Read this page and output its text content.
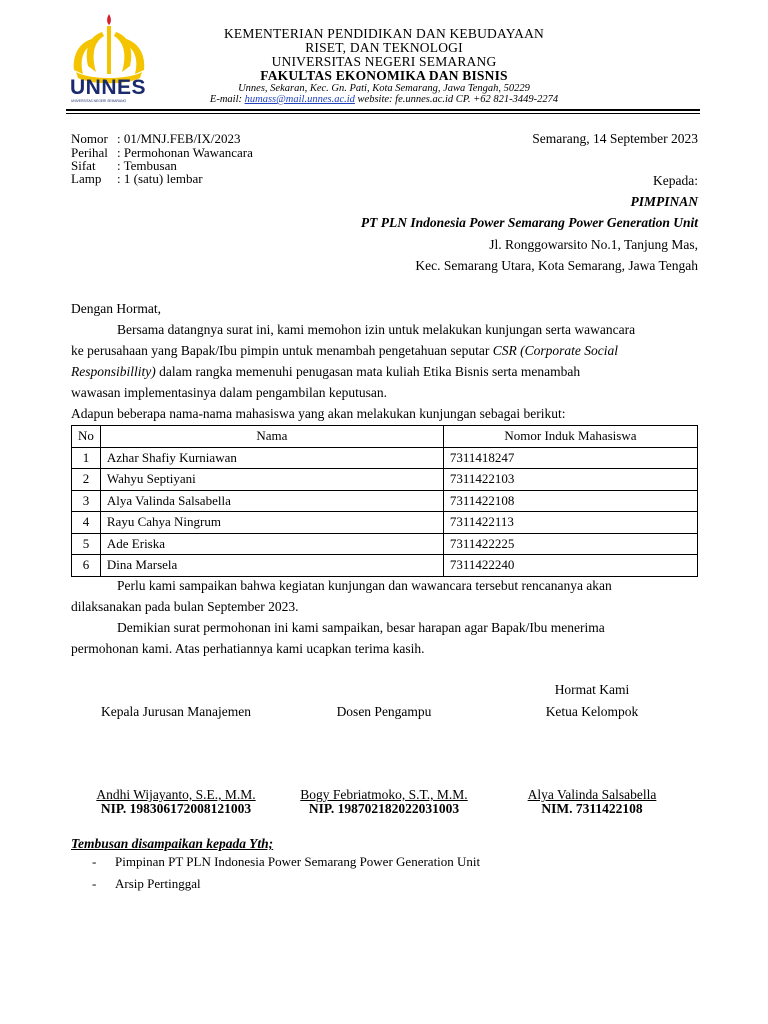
UNNES
UNIVERSITAS NEGERI SEMARANG
KEMENTERIAN PENDIDIKAN DAN KEBUDAYAAN
RISET, DAN TEKNOLOGI
UNIVERSITAS NEGERI SEMARANG
FAKULTAS EKONOMIKA DAN BISNIS
Unnes, Sekaran, Kec. Gn. Pati, Kota Semarang, Jawa Tengah, 50229
E-mail: humass@mail.unnes.ac.id website: fe.unnes.ac.id CP. +62 821-3449-2274
Nomor : 01/MNJ.FEB/IX/2023
Perihal : Permohonan Wawancara
Sifat : Tembusan
Lamp : 1 (satu) lembar
Semarang, 14 September 2023
Kepada:
PIMPINAN
PT PLN Indonesia Power Semarang Power Generation Unit
Jl. Ronggowarsito No.1, Tanjung Mas,
Kec. Semarang Utara, Kota Semarang, Jawa Tengah
Dengan Hormat,
Bersama datangnya surat ini, kami memohon izin untuk melakukan kunjungan serta wawancara
ke perusahaan yang Bapak/Ibu pimpin untuk menambah pengetahuan seputar CSR (Corporate Social
Responsibillity) dalam rangka memenuhi penugasan mata kuliah Etika Bisnis serta menambah
wawasan implementasinya dalam pengambilan keputusan.
Adapun beberapa nama-nama mahasiswa yang akan melakukan kunjungan sebagai berikut:
No	Nama	Nomor Induk Mahasiswa
1	Azhar Shafiy Kurniawan	7311418247
2	Wahyu Septiyani	7311422103
3	Alya Valinda Salsabella	7311422108
4	Rayu Cahya Ningrum	7311422113
5	Ade Eriska	7311422225
6	Dina Marsela	7311422240
Perlu kami sampaikan bahwa kegiatan kunjungan dan wawancara tersebut rencananya akan
dilaksanakan pada bulan September 2023.
Demikian surat permohonan ini kami sampaikan, besar harapan agar Bapak/Ibu menerima
permohonan kami. Atas perhatiannya kami ucapkan terima kasih.
Hormat Kami
Kepala Jurusan Manajemen	Dosen Pengampu	Ketua Kelompok
Andhi Wijayanto, S.E., M.M.	Bogy Febriatmoko, S.T., M.M.	Alya Valinda Salsabella
NIP. 198306172008121003	NIP. 198702182022031003	NIM. 7311422108
Tembusan disampaikan kepada Yth;
- Pimpinan PT PLN Indonesia Power Semarang Power Generation Unit
- Arsip Pertinggal
